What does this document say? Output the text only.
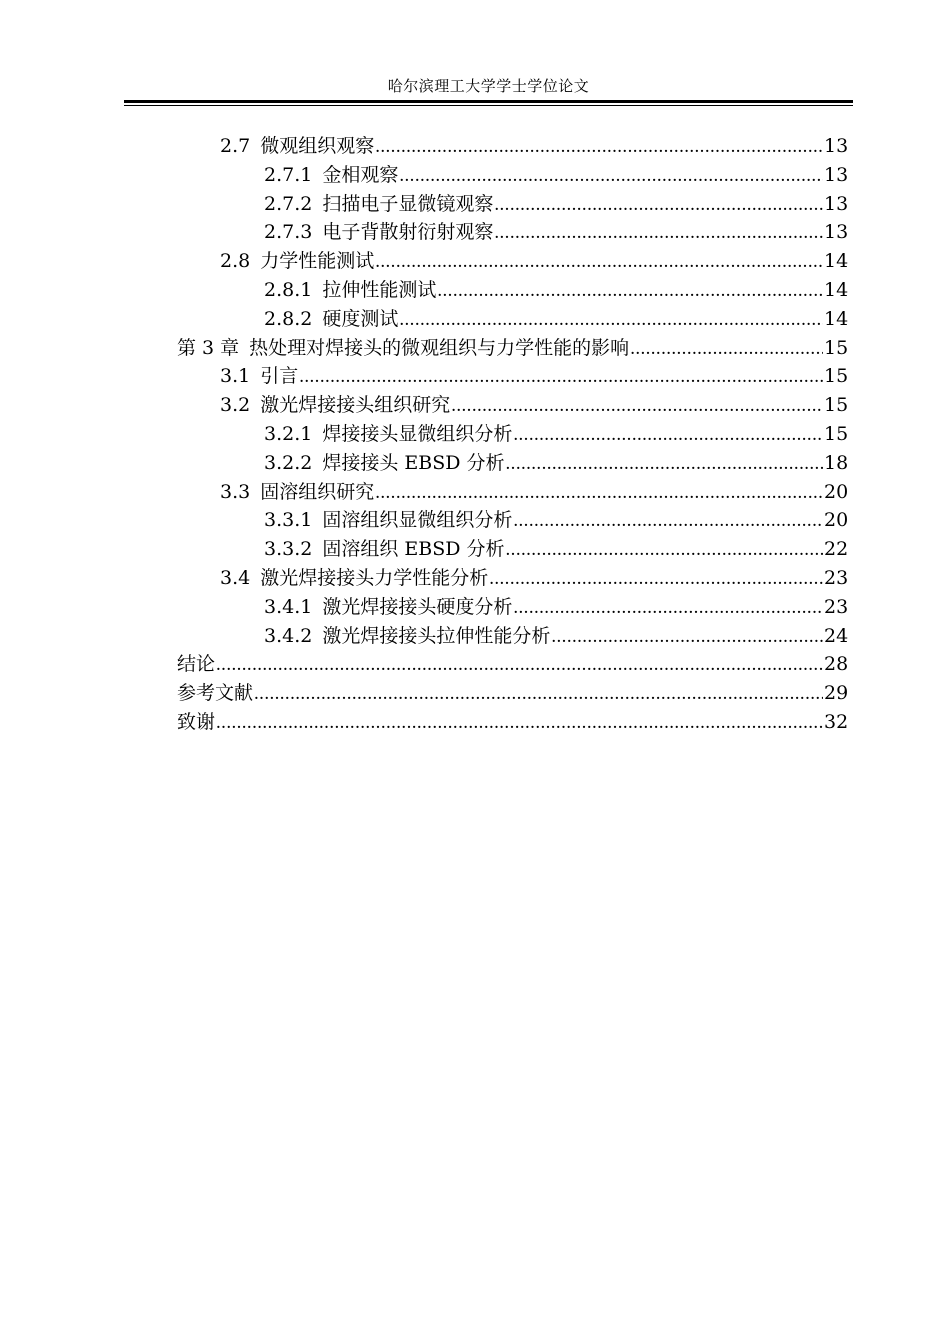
哈尔滨理工大学学士学位论文
2.7 微观组织观察 .....	13
2.7.1 金相观察 .....	13
2.7.2 扫描电子显微镜观察 .....	13
2.7.3 电子背散射衍射观察 .....	13
2.8 力学性能测试 .....	14
2.8.1 拉伸性能测试 .....	14
2.8.2 硬度测试 .....	14
第 3 章 热处理对焊接头的微观组织与力学性能的影响 .....	15
3.1 引言 .....	15
3.2 激光焊接接头组织研究 .....	15
3.2.1 焊接接头显微组织分析 .....	15
3.2.2 焊接接头 EBSD 分析 .....	18
3.3 固溶组织研究 .....	20
3.3.1 固溶组织显微组织分析 .....	20
3.3.2 固溶组织 EBSD 分析 .....	22
3.4 激光焊接接头力学性能分析 .....	23
3.4.1 激光焊接接头硬度分析 .....	23
3.4.2 激光焊接接头拉伸性能分析 .....	24
结论 .....	28
参考文献 .....	29
致谢 .....	32
